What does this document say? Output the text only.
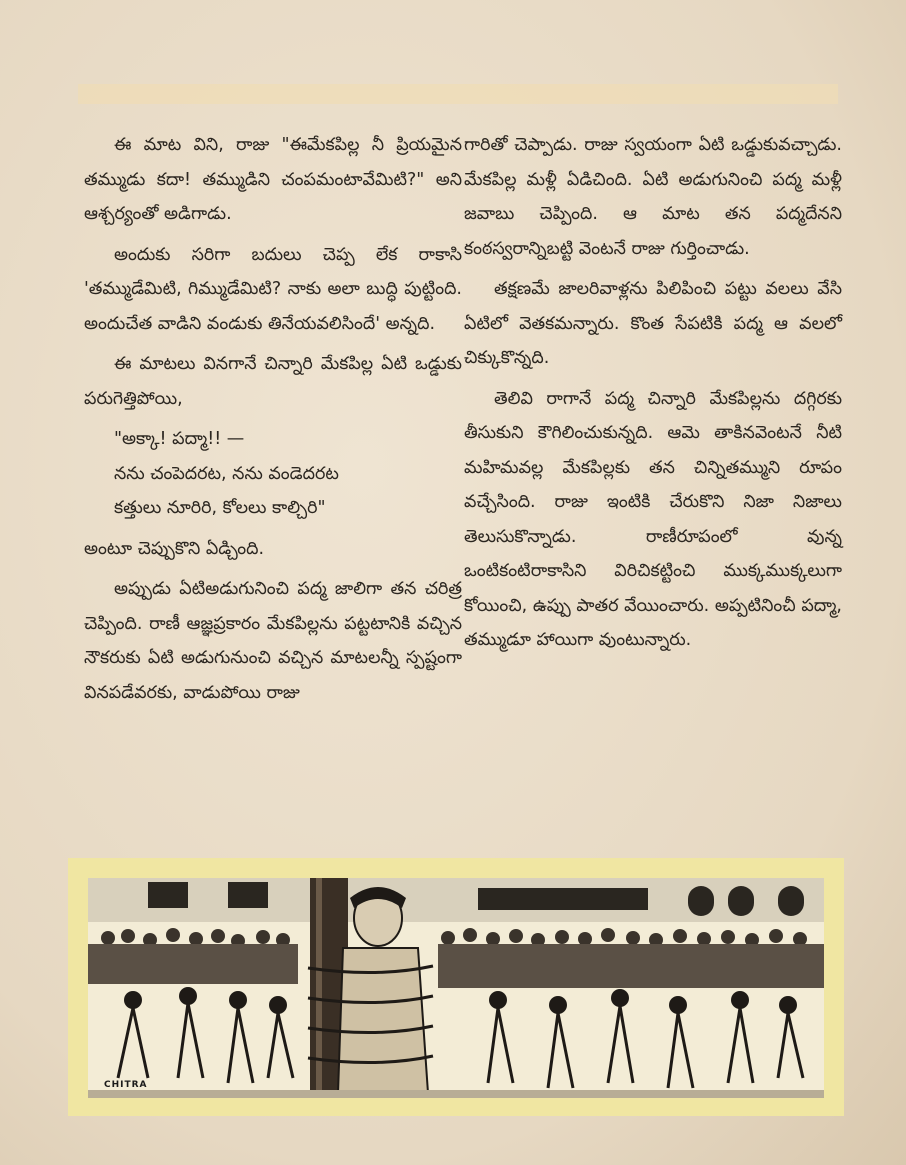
ఈ మాట విని, రాజు "ఈమేకపిల్ల నీ ప్రియమైన తమ్ముడు కదా! తమ్ముడిని చంపమంటావేమిటి?" అని ఆశ్చర్యంతో అడిగాడు.

అందుకు సరిగా బదులు చెప్ప లేక రాకాసి 'తమ్ముడేమిటి, గిమ్ముడేమిటి? నాకు అలా బుద్ధి పుట్టింది. అందుచేత వాడిని వండుకు తినేయవలిసిందే' అన్నది.

ఈ మాటలు వినగానే చిన్నారి మేకపిల్ల ఏటి ఒడ్డుకు పరుగెత్తిపోయి,

"అక్కా! పద్మా!! —

నను చంపెదరట, నను వండెదరట

కత్తులు నూరిరి, కోలలు కాల్చిరి"

అంటూ చెప్పుకొని ఏడ్చింది.

అప్పుడు ఏటిఅడుగునించి పద్మ జాలిగా తన చరిత్ర చెప్పింది. రాణీ ఆజ్ఞప్రకారం మేకపిల్లను పట్టటానికి వచ్చిన నౌకరుకు ఏటి అడుగునుంచి వచ్చిన మాటలన్నీ స్పష్టంగా వినపడేవరకు, వాడుపోయి రాజు

గారితో చెప్పాడు. రాజు స్వయంగా ఏటి ఒడ్డుకువచ్చాడు. మేకపిల్ల మళ్లీ ఏడిచింది. ఏటి అడుగునించి పద్మ మళ్లీ జవాబు చెప్పింది. ఆ మాట తన పద్మదేనని కంఠస్వరాన్నిబట్టి వెంటనే రాజు గుర్తించాడు.

తక్షణమే జాలరివాళ్లను పిలిపించి పట్టు వలలు వేసి ఏటిలో వెతకమన్నారు. కొంత సేపటికి పద్మ ఆ వలలో చిక్కుకొన్నది.

తెలివి రాగానే పద్మ చిన్నారి మేకపిల్లను దగ్గిరకు తీసుకుని కౌగిలించుకున్నది. ఆమె తాకినవెంటనే నీటి మహిమవల్ల మేకపిల్లకు తన చిన్నితమ్ముని రూపం వచ్చేసింది. రాజు ఇంటికి చేరుకొని నిజా నిజాలు తెలుసుకొన్నాడు. రాణీరూపంలో వున్న ఒంటికంటిరాకాసిని విరిచికట్టించి ముక్కముక్కలుగా కోయించి, ఉప్పు పాతర వేయించారు. అప్పటినించీ పద్మా, తమ్ముడూ హాయిగా వుంటున్నారు.

CHITRA
